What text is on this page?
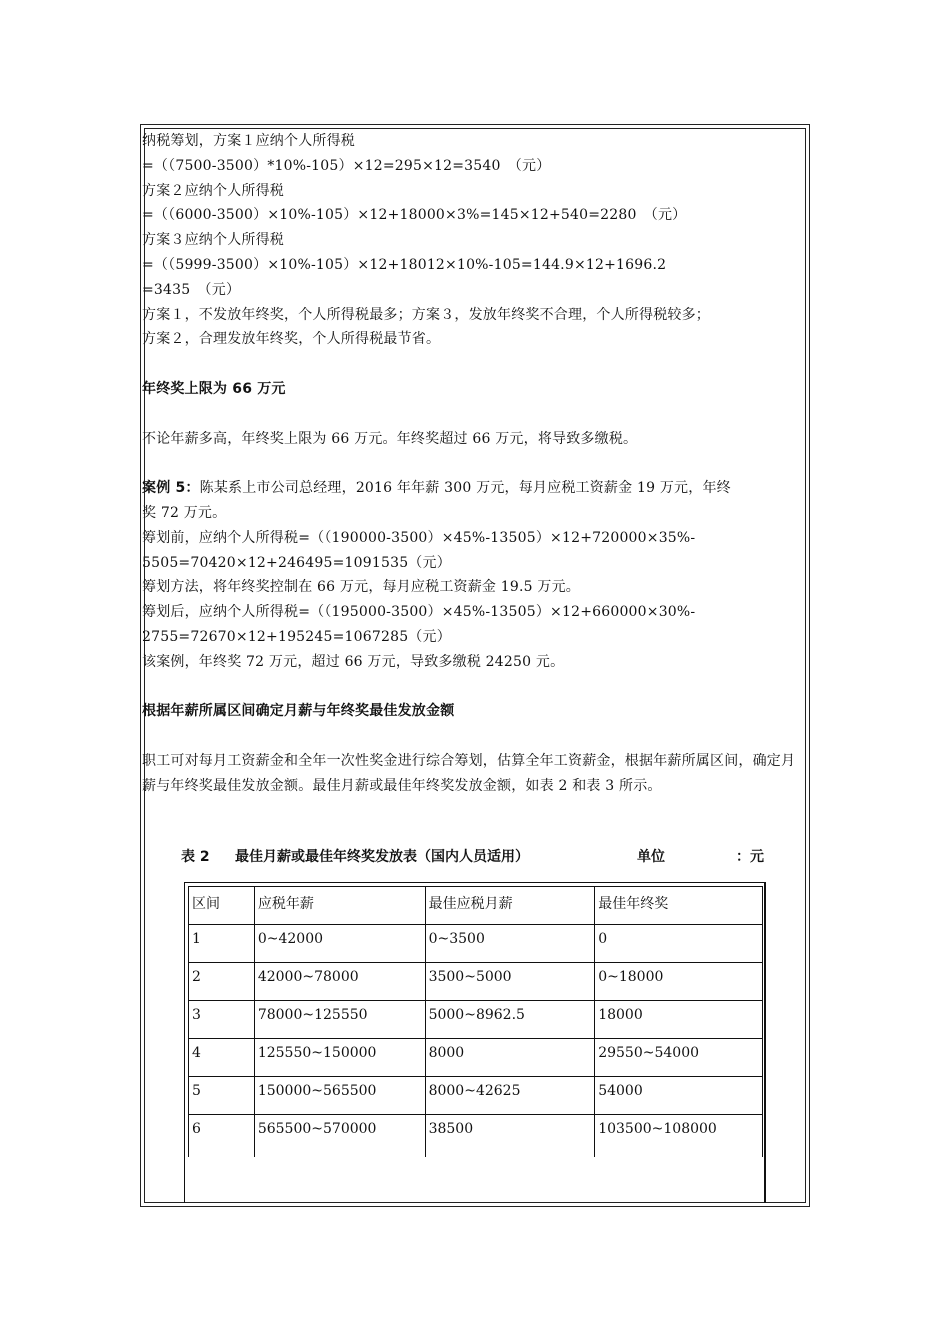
纳税筹划，方案１应纳个人所得税
=（（7500-3500）*10%-105）×12=295×12=3540　（元）
方案２应纳个人所得税
=（（6000-3500）×10%-105）×12+18000×3%=145×12+540=2280　（元）
方案３应纳个人所得税
=（（5999-3500）×10%-105）×12+18012×10%-105=144.9×12+1696.2
=3435　（元）
方案１，不发放年终奖，个人所得税最多；方案３，发放年终奖不合理，个人所得税较多；
方案２，合理发放年终奖，个人所得税最节省。
年终奖上限为 66 万元
不论年薪多高，年终奖上限为 66 万元。年终奖超过 66 万元，将导致多缴税。
案例 5：陈某系上市公司总经理，2016 年年薪 300 万元，每月应税工资薪金 19 万元，年终
奖 72 万元。
筹划前，应纳个人所得税=（（190000-3500）×45%-13505）×12+720000×35%-
5505=70420×12+246495=1091535（元）
筹划方法，将年终奖控制在 66 万元，每月应税工资薪金 19.5 万元。
筹划后，应纳个人所得税=（（195000-3500）×45%-13505）×12+660000×30%-
2755=72670×12+195245=1067285（元）
该案例，年终奖 72 万元，超过 66 万元，导致多缴税 24250 元。
根据年薪所属区间确定月薪与年终奖最佳发放金额

职工可对每月工资薪金和全年一次性奖金进行综合筹划，估算全年工资薪金，根据年薪所属区间，确定月薪与年终奖最佳发放金额。最佳月薪或最佳年终奖发放金额，如表 2 和表 3 所示。

表 2 最佳月薪或最佳年终奖发放表（国内人员适用）	单位	：元
区间	应税年薪	最佳应税月薪	最佳年终奖
1	0~42000	0~3500	0
2	42000~78000	3500~5000	0~18000
3	78000~125550	5000~8962.5	18000
4	125550~150000	8000	29550~54000
5	150000~565500	8000~42625	54000
6	565500~570000	38500	103500~108000
